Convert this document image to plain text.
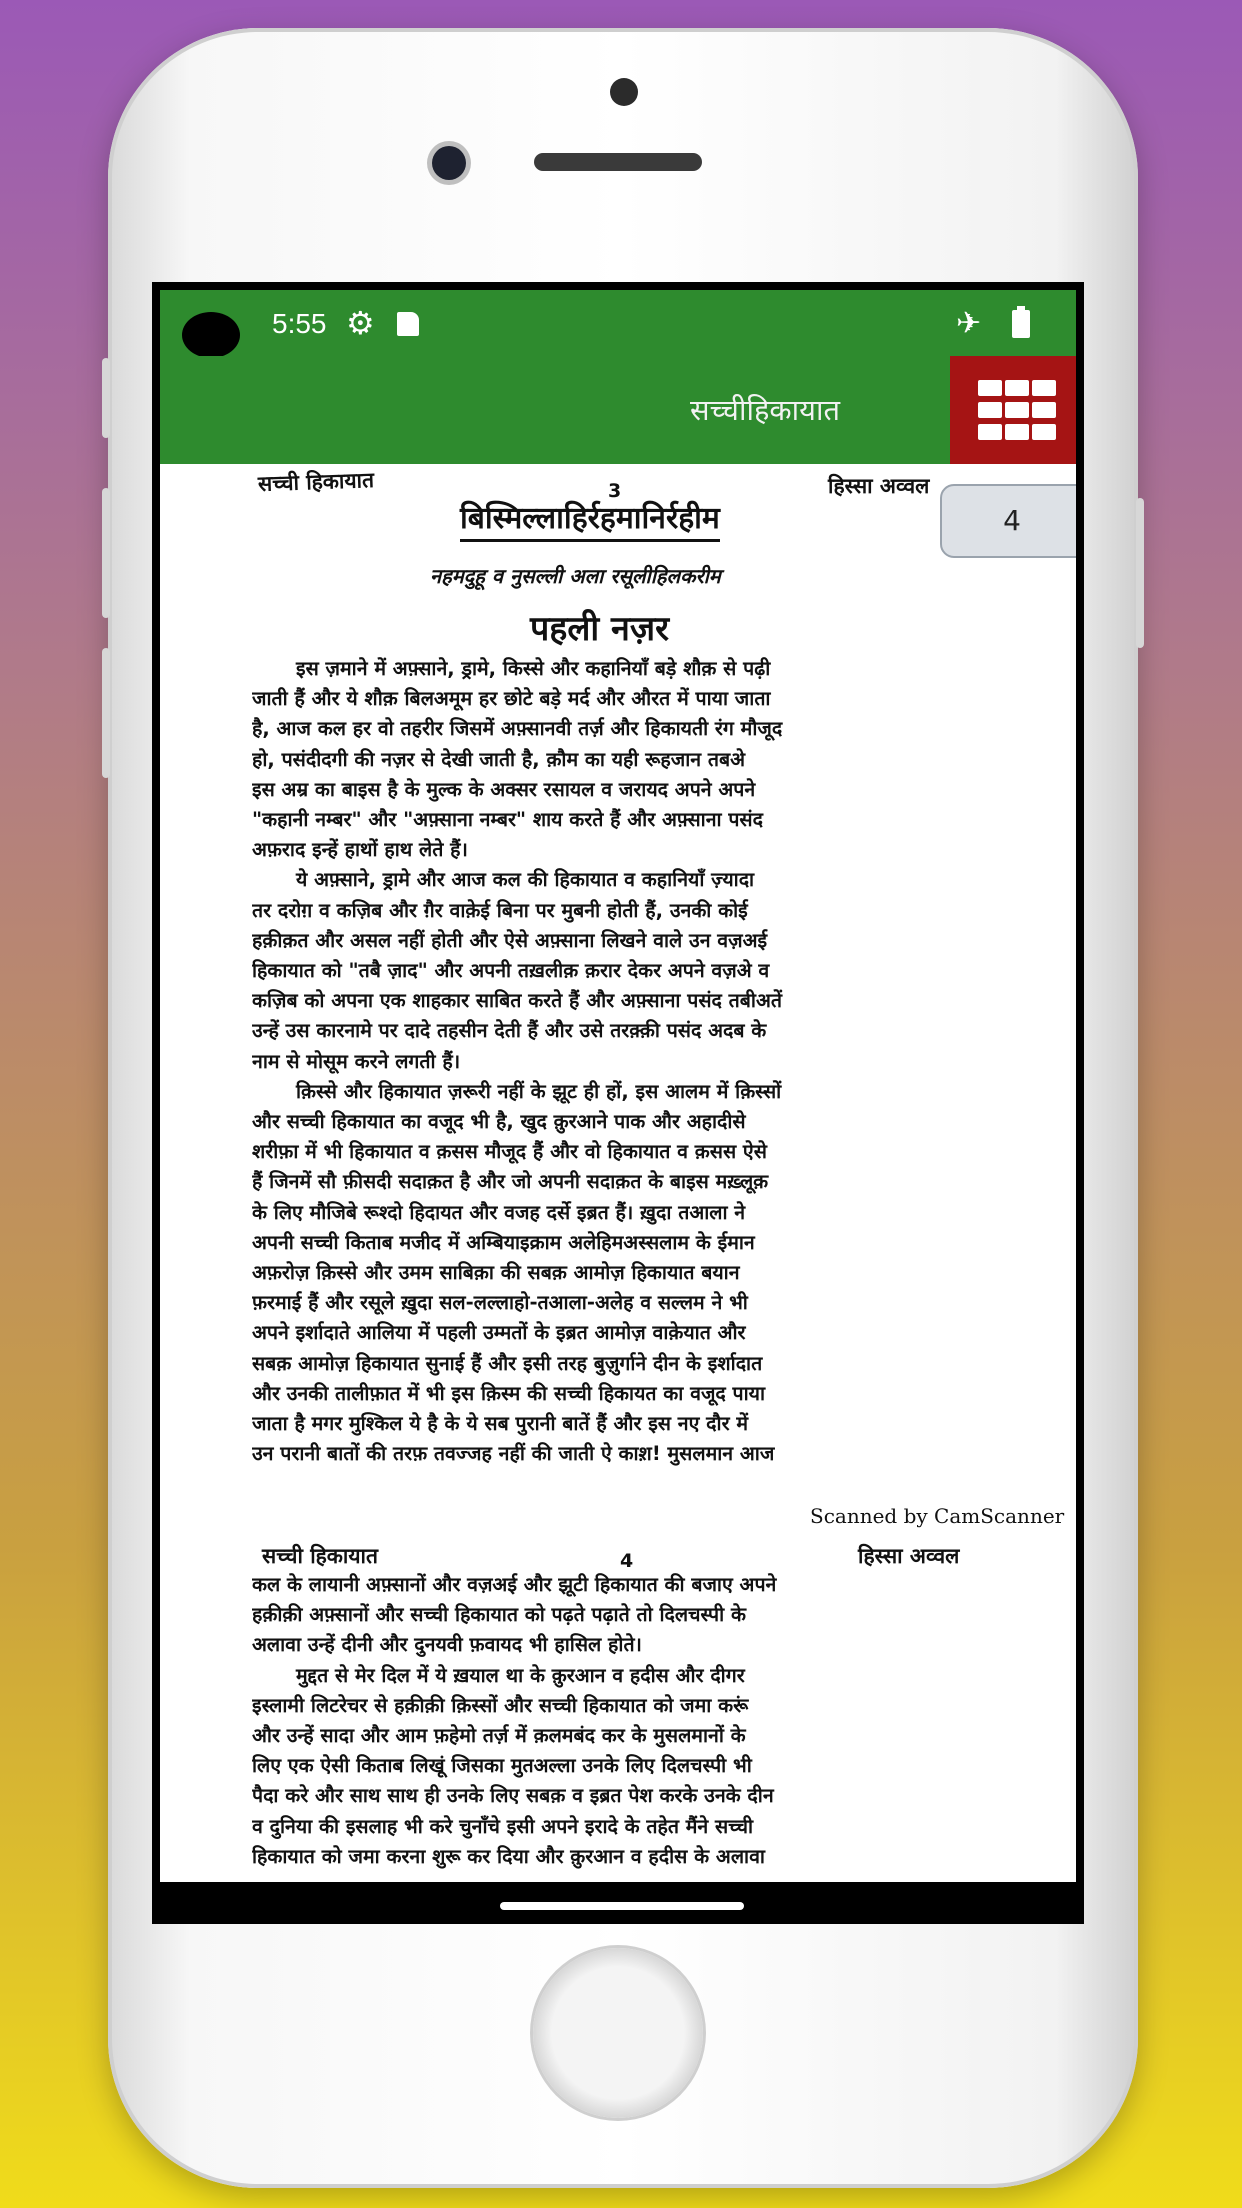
5:55 ⚙	✈
सच्चीहिकायात
सच्ची हिकायात	3	हिस्सा अव्वल
बिस्मिल्लाहिर्रहमानिर्रहीम
नहमदुहू व नुसल्ली अला रसूलीहिलकरीम
पहली नज़र
इस ज़माने में अफ़्साने, ड्रामे, किस्से और कहानियाँ बड़े शौक़ से पढ़ी
जाती हैं और ये शौक़ बिलअमूम हर छोटे बड़े मर्द और औरत में पाया जाता
है, आज कल हर वो तहरीर जिसमें अफ़्सानवी तर्ज़ और हिकायती रंग मौजूद
हो, पसंदीदगी की नज़र से देखी जाती है, क़ौम का यही रूहजान तबअे
इस अम्र का बाइस है के मुल्क के अक्सर रसायल व जरायद अपने अपने
"कहानी नम्बर" और "अफ़्साना नम्बर" शाय करते हैं और अफ़्साना पसंद
अफ़राद इन्हें हाथों हाथ लेते हैं।
ये अफ़्साने, ड्रामे और आज कल की हिकायात व कहानियाँ ज़्यादा
तर दरोग़ व कज़िब और ग़ैर वाक़ेई बिना पर मुबनी होती हैं, उनकी कोई
हक़ीक़त और असल नहीं होती और ऐसे अफ़्साना लिखने वाले उन वज़अई
हिकायात को "तबै ज़ाद" और अपनी तख़लीक़ क़रार देकर अपने वज़अे व
कज़िब को अपना एक शाहकार साबित करते हैं और अफ़्साना पसंद तबीअतें
उन्हें उस कारनामे पर दादे तहसीन देती हैं और उसे तरक़्क़ी पसंद अदब के
नाम से मोसूम करने लगती हैं।
क़िस्से और हिकायात ज़रूरी नहीं के झूट ही हों, इस आलम में क़िस्सों
और सच्ची हिकायात का वजूद भी है, खुद क़ुरआने पाक और अहादीसे
शरीफ़ा में भी हिकायात व क़सस मौजूद हैं और वो हिकायात व क़सस ऐसे
हैं जिनमें सौ फ़ीसदी सदाक़त है और जो अपनी सदाक़त के बाइस मख़्लूक़
के लिए मौजिबे रूश्दो हिदायत और वजह दर्से इब्रत हैं। ख़ुदा तआला ने
अपनी सच्ची किताब मजीद में अम्बियाइक्राम अलेहिमअस्सलाम के ईमान
अफ़रोज़ क़िस्से और उमम साबिक़ा की सबक़ आमोज़ हिकायात बयान
फ़रमाई हैं और रसूले ख़ुदा सल-लल्लाहो-तआला-अलेह व सल्लम ने भी
अपने इर्शादाते आलिया में पहली उम्मतों के इब्रत आमोज़ वाक़ेयात और
सबक़ आमोज़ हिकायात सुनाई हैं और इसी तरह बुज़ुर्गाने दीन के इर्शादात
और उनकी तालीफ़ात में भी इस क़िस्म की सच्ची हिकायत का वजूद पाया
जाता है मगर मुश्किल ये है के ये सब पुरानी बातें हैं और इस नए दौर में
उन परानी बातों की तरफ़ तवज्जह नहीं की जाती ऐ काश़! मुसलमान आज
Scanned by CamScanner
सच्ची हिकायात	4	हिस्सा अव्वल
कल के लायानी अफ़्सानों और वज़अई और झूटी हिकायात की बजाए अपने
हक़ीक़ी अफ़्सानों और सच्ची हिकायात को पढ़ते पढ़ाते तो दिलचस्पी के
अलावा उन्हें दीनी और दुनयवी फ़वायद भी हासिल होते।
मुद्दत से मेर दिल में ये ख़याल था के क़ुरआन व हदीस और दीगर
इस्लामी लिटरेचर से हक़ीक़ी क़िस्सों और सच्ची हिकायात को जमा करूं
और उन्हें सादा और आम फ़हेमो तर्ज़ में क़लमबंद कर के मुसलमानों के
लिए एक ऐसी किताब लिखूं जिसका मुतअल्ला उनके लिए दिलचस्पी भी
पैदा करे और साथ साथ ही उनके लिए सबक़ व इब्रत पेश करके उनके दीन
व दुनिया की इसलाह भी करे चुनाँचे इसी अपने इरादे के तहेत मैंने सच्ची
हिकायात को जमा करना शुरू कर दिया और क़ुरआन व हदीस के अलावा
4
